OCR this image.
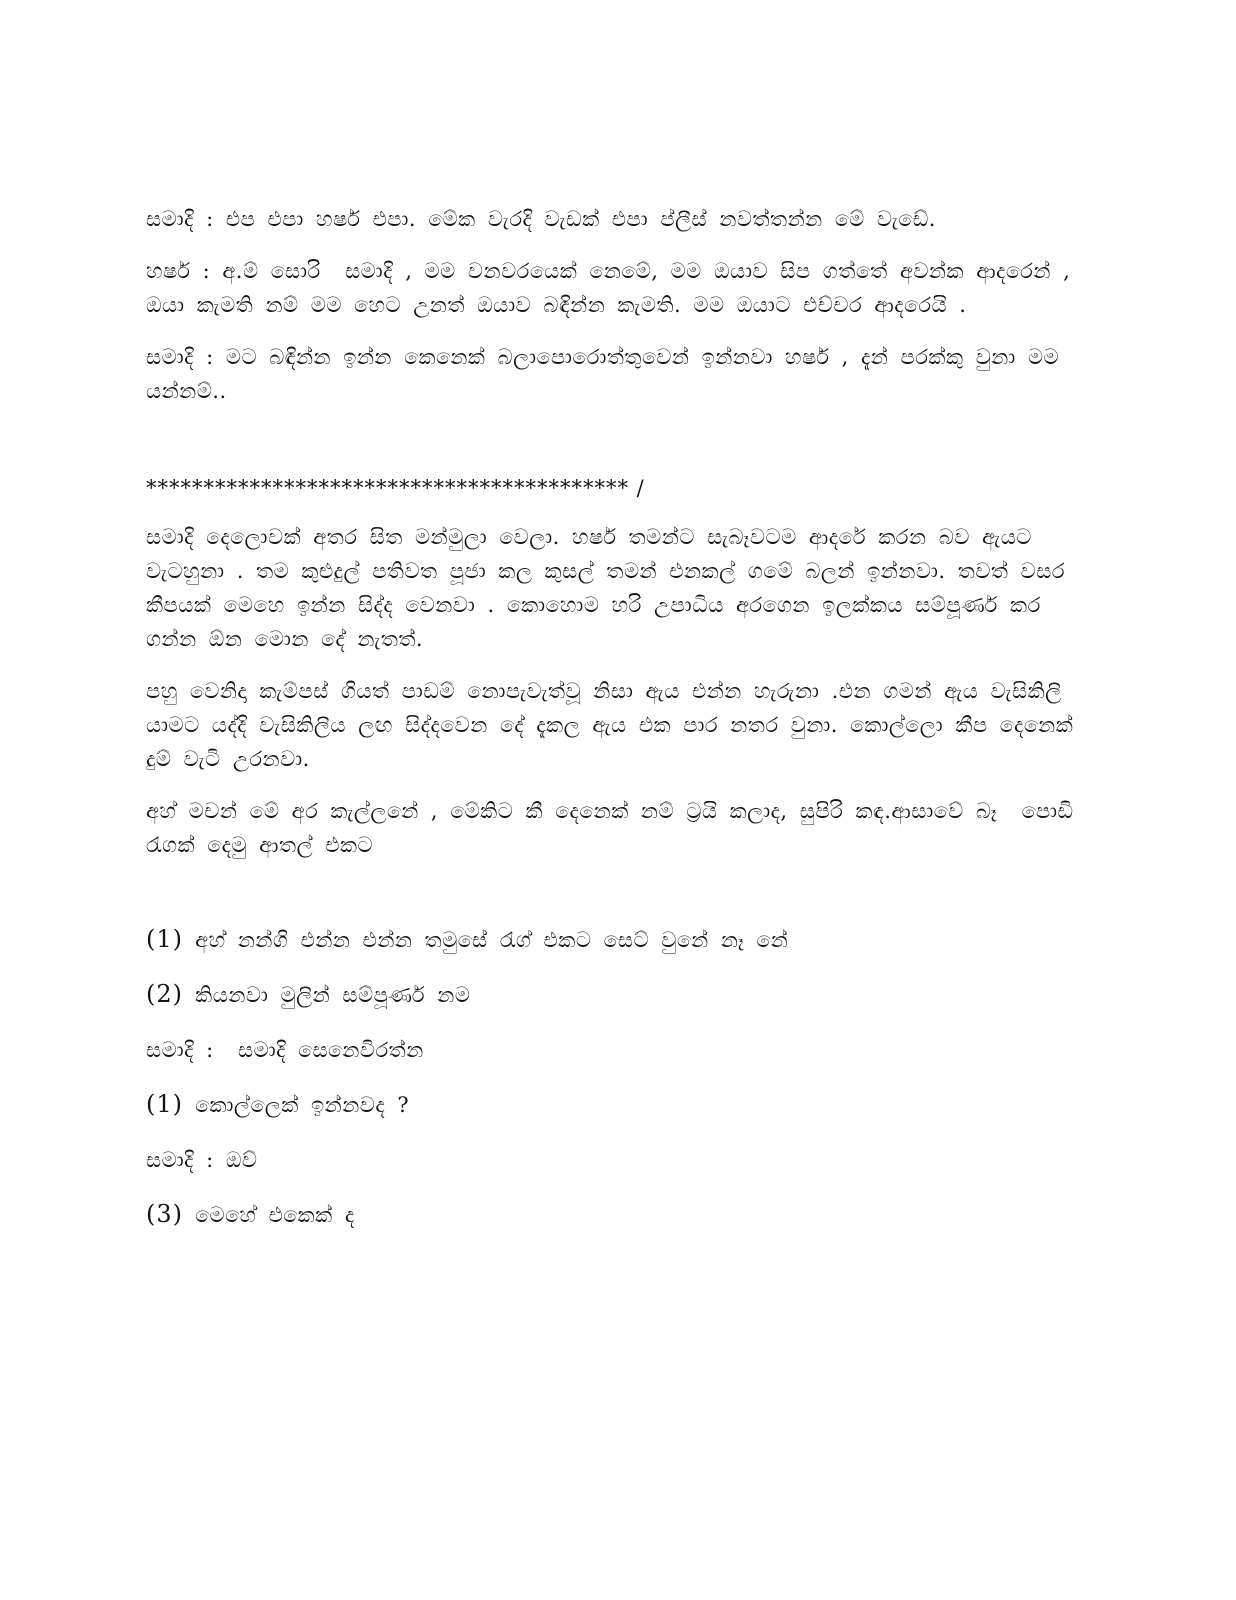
සමාදි : එප එපා හර්ෂ එපා. මේක වැරදි වැඩක් එපා ප්ලීස් නවත්තන්න මේ වැඩේ.

හර්ෂ : අ.ම් සොරි  සමාදි , මම වනවරයෙක් නෙමේ, මම ඔයාව සිප ගත්තේ අවන්ක ආදරෙන් , ඔයා කැමති නම් මම හෙට උනත් ඔයාව බඳින්න කැමති. මම ඔයාට එච්චර ආදරෙයි .

සමාදි : මට බඳින්න ඉන්න කෙනෙක් බලාපොරොත්තුවෙන් ඉන්නවා හර්ෂ , දැන් පරක්කු වුනා මම යන්නම්..

****************************************** /

සමාදි දෙලොවක් අතර සිත මන්මුලා වෙලා. හර්ෂ තමන්ට සැබෑවටම ආදරේ කරන බව ඇයට වැටහුනා . තම කුළුදුල් පතිවත පූජා කල කුසල් තමන් එනකල් ගමේ බලන් ඉන්නවා. තවත් වසර කීපයක් මෙහෙ ඉන්න සිද්ද වෙනවා . කොහොම හරි උපාධිය අරගෙන ඉලක්කය සම්පූර්ණ කර ගන්න ඕන මොන දේ නැතත්.

පහු වෙනිදා කැම්පස් ගියත් පාඩම් නොපැවැත්වූ නිසා ඇය එන්න හැරුනා .එන ගමන් ඇය වැසිකිලි යාමට යද්දි වැසිකිලිය ලඟ සිද්දවෙන දේ දැකල ඇය එක පාර නතර වුනා. කොල්ලො කීප දෙනෙක් දුම් වැටි උරනවා.

අහ් මචන් මේ අර කැල්ලනේ , මේකිට කී දෙනෙක් නම් ට්‍රයි කලාද, සුපිරි කඳ.ආසාවේ බෑ  පොඩි රැගක් දෙමු ආතල් එකට

(1) අහ් නන්ගි එන්න එන්න තමුසේ රැග් එකට සෙට් වුනේ නෑ නේ

(2) කියනවා මුලින් සම්පූර්ණ නම

සමාදි :  සමාදි සෙනෙවිරත්න

(1) කොල්ලෙක් ඉන්නවද ?

සමාදි : ඔව්

(3) මෙහේ එකෙක් ද
